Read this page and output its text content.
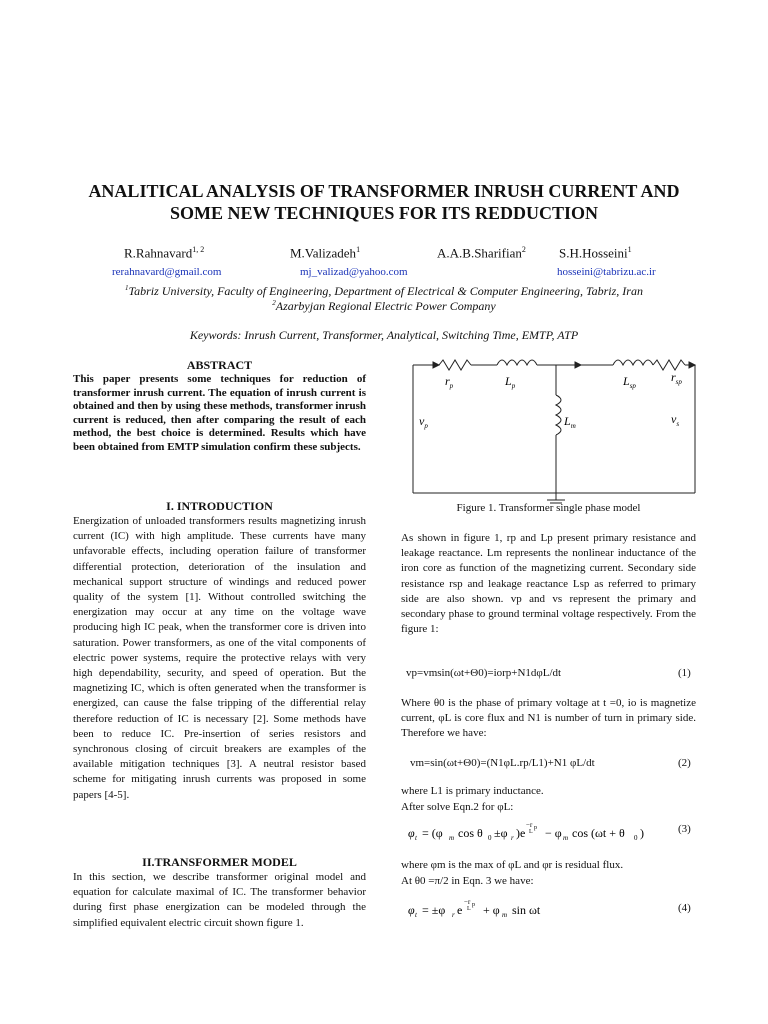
ANALITICAL ANALYSIS OF TRANSFORMER INRUSH CURRENT AND
SOME NEW TECHNIQUES FOR ITS REDDUCTION
R.Rahnavard$^{1, 2}$	M.Valizadeh$^1$	A.A.B.Sharifian$^2$	S.H.Hosseini$^1$
rerahnavard@gmail.com	mj_valizad@yahoo.com	hosseini@tabrizu.ac.ir
$^1$Tabriz University, Faculty of Engineering, Department of Electrical & Computer Engineering, Tabriz, Iran
$^2$Azarbyjan Regional Electric Power Company
Keywords: Inrush Current, Transformer, Analytical, Switching Time, EMTP, ATP
ABSTRACT
This paper presents some techniques for reduction of transformer inrush current. The equation of inrush current is obtained and then by using these methods, transformer inrush current is reduced, then after comparing the result of each method, the best choice is determined. Results which have been obtained from EMTP simulation confirm these subjects.
I. INTRODUCTION
Energization of unloaded transformers results magnetizing inrush current (IC) with high amplitude. These currents have many unfavorable effects, including operation failure of transformer differential protection, deterioration of the insulation and mechanical support structure of windings and reduced power quality of the system [1]. Without controlled switching the energization may occur at any time on the voltage wave producing high IC peak, when the transformer core is driven into saturation. Power transformers, as one of the vital components of electric power systems, require the protective relays with very high dependability, security, and speed of operation. But the magnetizing IC, which is often generated when the transformer is energized, can cause the false tripping of the differential relay therefore reduction of IC is necessary [2]. Some methods have been to reduce IC. Pre-insertion of series resistors and synchronous closing of circuit breakers are examples of the available mitigation techniques [3]. A neutral resistor based scheme for mitigating inrush currents was proposed in some papers [4-5].
II.TRANSFORMER MODEL
In this section, we describe transformer original model and equation for calculate maximal of IC. The transformer behavior during first phase energization can be modeled through the simplified equivalent electric circuit shown figure 1.
$r_p$	$L_p$	$L_{sp}$
$r_{sp}$
$v_p$	$L_m$	$v_s$
Figure 1. Transformer single phase model
As shown in figure 1, rp and Lp present primary resistance and leakage reactance. Lm represents the nonlinear inductance of the iron core as function of the magnetizing current. Secondary side resistance rsp and leakage reactance Lsp as referred to primary side are also shown. vp and vs represent the primary and secondary phase to ground terminal voltage respectively. From the figure 1:
vp=vmsin(ωt+Θ0)=iorp+N1dφL/dt	(1)
Where θ0 is the phase of primary voltage at t =0, io is magnetize current, φL is core flux and N1 is number of turn in primary side. Therefore we have:
vm=sin(ωt+Θ0)=(N1φL.rp/L1)+N1 φL/dt	(2)
where L1 is primary inductance.
After solve Eqn.2 for φL:
φ t = (φ m cos θ 0 ±φ r )e
−r p
L − φ m cos (ωt + θ 0 )	(3)
where φm is the max of φL and φr is residual flux.
At θ0 =π/2 in Eqn. 3 we have:
φ t = ±φ r e
−r p
L + φ m sin ωt	(4)
